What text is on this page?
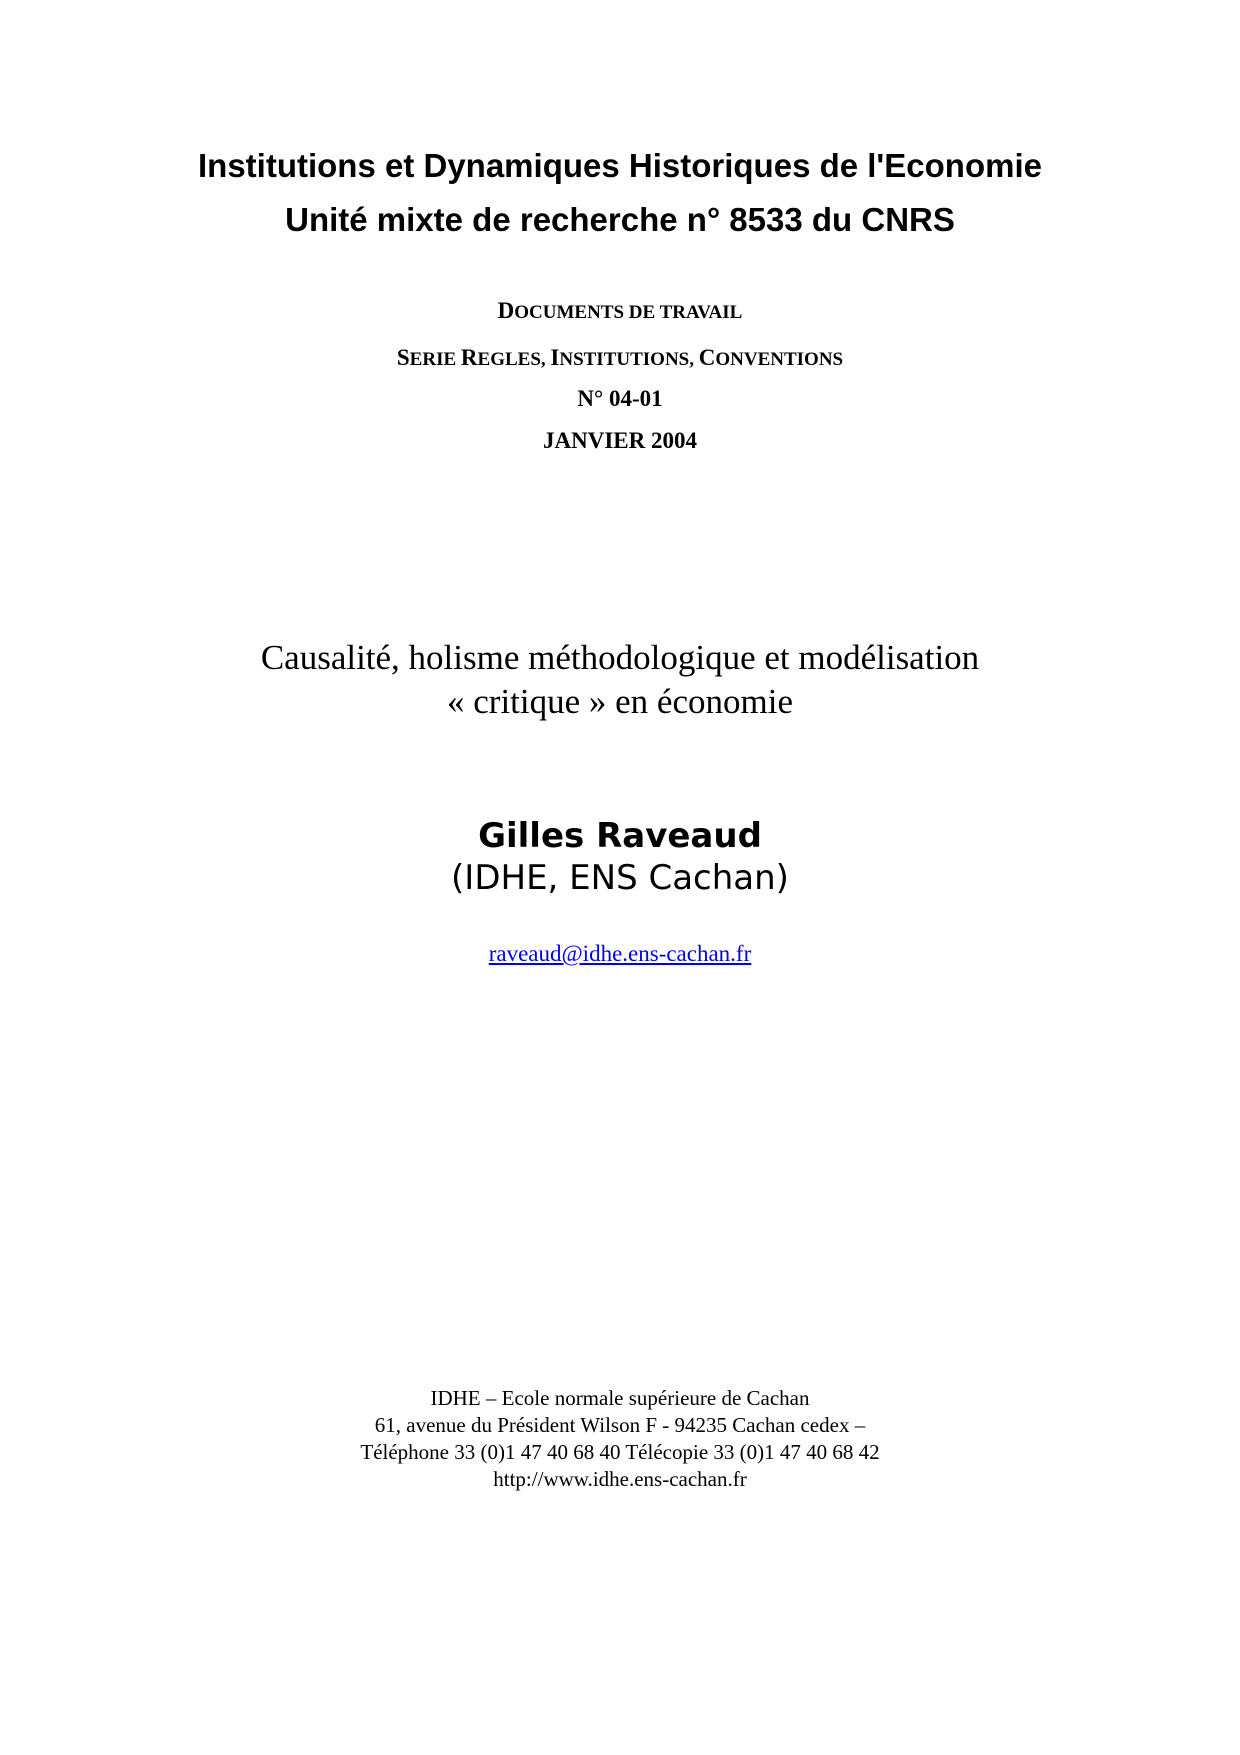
Institutions et Dynamiques Historiques de l'Economie
Unité mixte de recherche n° 8533 du CNRS
DOCUMENTS DE TRAVAIL
SERIE REGLES, INSTITUTIONS, CONVENTIONS
N° 04-01
JANVIER 2004
Causalité, holisme méthodologique et modélisation
« critique » en économie
Gilles Raveaud
(IDHE, ENS Cachan)
raveaud@idhe.ens-cachan.fr
IDHE – Ecole normale supérieure de Cachan
61, avenue du Président Wilson F - 94235 Cachan cedex –
Téléphone 33 (0)1 47 40 68 40 Télécopie 33 (0)1 47 40 68 42
http://www.idhe.ens-cachan.fr
